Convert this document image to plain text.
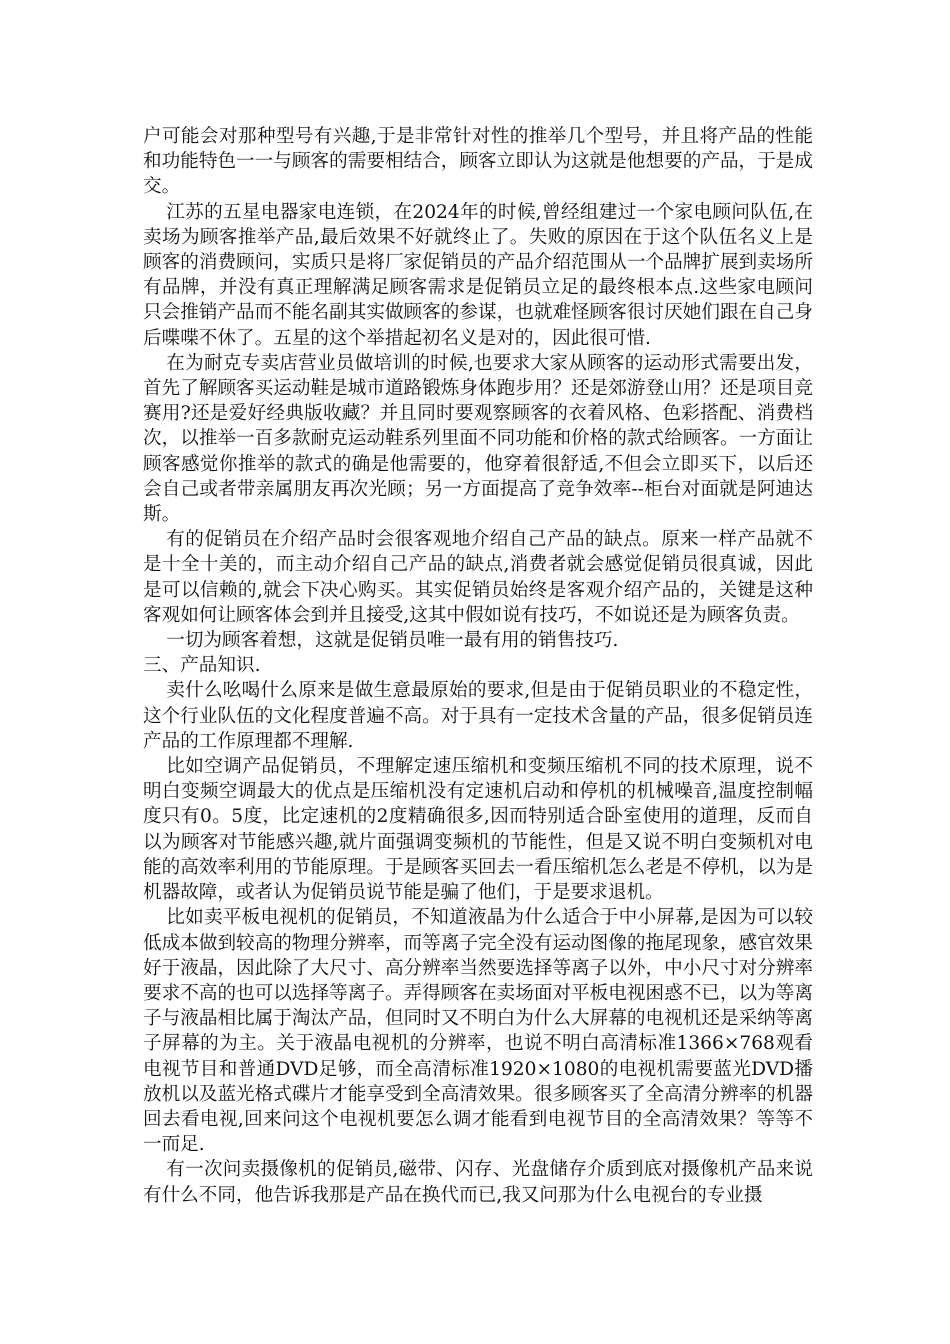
户可能会对那种型号有兴趣,于是非常针对性的推举几个型号，并且将产品的性能和功能特色一一与顾客的需要相结合，顾客立即认为这就是他想要的产品，于是成交。

江苏的五星电器家电连锁，在2024年的时候,曾经组建过一个家电顾问队伍,在卖场为顾客推举产品,最后效果不好就终止了。失败的原因在于这个队伍名义上是顾客的消费顾问，实质只是将厂家促销员的产品介绍范围从一个品牌扩展到卖场所有品牌，并没有真正理解满足顾客需求是促销员立足的最终根本点.这些家电顾问只会推销产品而不能名副其实做顾客的参谋，也就难怪顾客很讨厌她们跟在自己身后喋喋不休了。五星的这个举措起初名义是对的，因此很可惜.

在为耐克专卖店营业员做培训的时候,也要求大家从顾客的运动形式需要出发，首先了解顾客买运动鞋是城市道路锻炼身体跑步用？还是郊游登山用？还是项目竞赛用?还是爱好经典版收藏？并且同时要观察顾客的衣着风格、色彩搭配、消费档次，以推举一百多款耐克运动鞋系列里面不同功能和价格的款式给顾客。一方面让顾客感觉你推举的款式的确是他需要的，他穿着很舒适,不但会立即买下，以后还会自己或者带亲属朋友再次光顾；另一方面提高了竞争效率--柜台对面就是阿迪达斯。

有的促销员在介绍产品时会很客观地介绍自己产品的缺点。原来一样产品就不是十全十美的，而主动介绍自己产品的缺点,消费者就会感觉促销员很真诚，因此是可以信赖的,就会下决心购买。其实促销员始终是客观介绍产品的，关键是这种客观如何让顾客体会到并且接受,这其中假如说有技巧，不如说还是为顾客负责。

一切为顾客着想，这就是促销员唯一最有用的销售技巧.

三、产品知识.

卖什么吆喝什么原来是做生意最原始的要求,但是由于促销员职业的不稳定性，这个行业队伍的文化程度普遍不高。对于具有一定技术含量的产品，很多促销员连产品的工作原理都不理解.

比如空调产品促销员，不理解定速压缩机和变频压缩机不同的技术原理，说不明白变频空调最大的优点是压缩机没有定速机启动和停机的机械噪音,温度控制幅度只有0。5度，比定速机的2度精确很多,因而特别适合卧室使用的道理，反而自以为顾客对节能感兴趣,就片面强调变频机的节能性，但是又说不明白变频机对电能的高效率利用的节能原理。于是顾客买回去一看压缩机怎么老是不停机，以为是机器故障，或者认为促销员说节能是骗了他们，于是要求退机。

比如卖平板电视机的促销员，不知道液晶为什么适合于中小屏幕,是因为可以较低成本做到较高的物理分辨率，而等离子完全没有运动图像的拖尾现象，感官效果好于液晶，因此除了大尺寸、高分辨率当然要选择等离子以外，中小尺寸对分辨率要求不高的也可以选择等离子。弄得顾客在卖场面对平板电视困惑不已，以为等离子与液晶相比属于淘汰产品，但同时又不明白为什么大屏幕的电视机还是采纳等离子屏幕的为主。关于液晶电视机的分辨率，也说不明白高清标准1366×768观看电视节目和普通DVD足够，而全高清标准1920×1080的电视机需要蓝光DVD播放机以及蓝光格式碟片才能享受到全高清效果。很多顾客买了全高清分辨率的机器回去看电视,回来问这个电视机要怎么调才能看到电视节目的全高清效果？等等不一而足.

有一次问卖摄像机的促销员,磁带、闪存、光盘储存介质到底对摄像机产品来说有什么不同，他告诉我那是产品在换代而已,我又问那为什么电视台的专业摄
